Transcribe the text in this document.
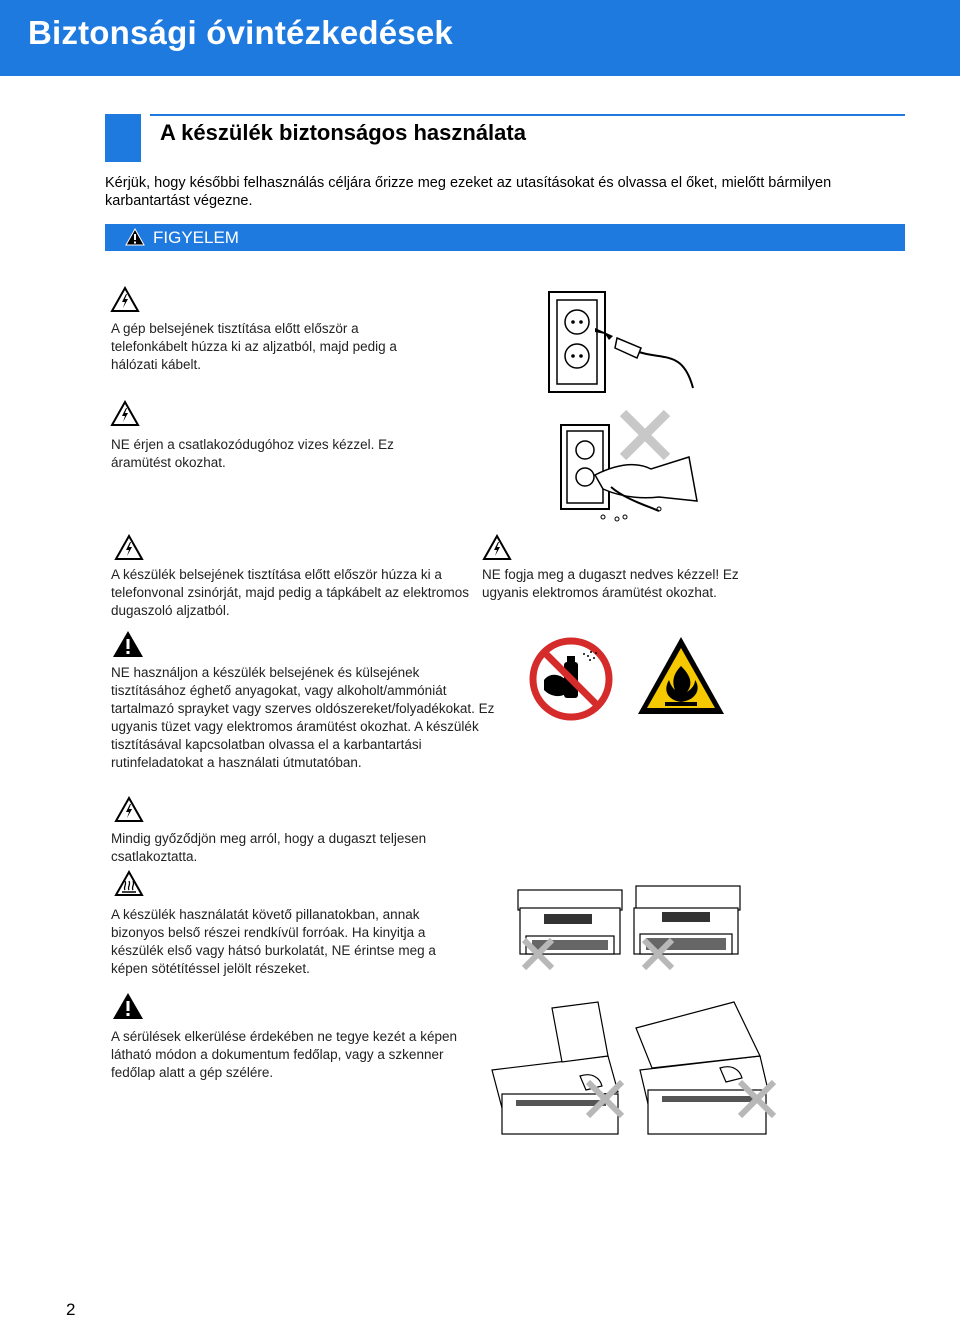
Biztonsági óvintézkedések
A készülék biztonságos használata
Kérjük, hogy későbbi felhasználás céljára őrizze meg ezeket az utasításokat és olvassa el őket, mielőtt bármilyen karbantartást végezne.
FIGYELEM
A gép belsejének tisztítása előtt először a telefonkábelt húzza ki az aljzatból, majd pedig a hálózati kábelt.
NE érjen a csatlakozódugóhoz vizes kézzel. Ez áramütést okozhat.
A készülék belsejének tisztítása előtt először húzza ki a telefonvonal zsinórját, majd pedig a tápkábelt az elektromos dugaszoló aljzatból.
NE fogja meg a dugaszt nedves kézzel! Ez ugyanis elektromos áramütést okozhat.
NE használjon a készülék belsejének és külsejének tisztításához éghető anyagokat, vagy alkoholt/ammóniát tartalmazó sprayket vagy szerves oldószereket/folyadékokat. Ez ugyanis tüzet vagy elektromos áramütést okozhat. A készülék tisztításával kapcsolatban olvassa el a karbantartási rutinfeladatokat a használati útmutatóban.
Mindig győződjön meg arról, hogy a dugaszt teljesen csatlakoztatta.
A készülék használatát követő pillanatokban, annak bizonyos belső részei rendkívül forróak. Ha kinyitja a készülék első vagy hátsó burkolatát, NE érintse meg a képen sötétítéssel jelölt részeket.
A sérülések elkerülése érdekében ne tegye kezét a képen látható módon a dokumentum fedőlap, vagy a szkenner fedőlap alatt a gép szélére.
2
